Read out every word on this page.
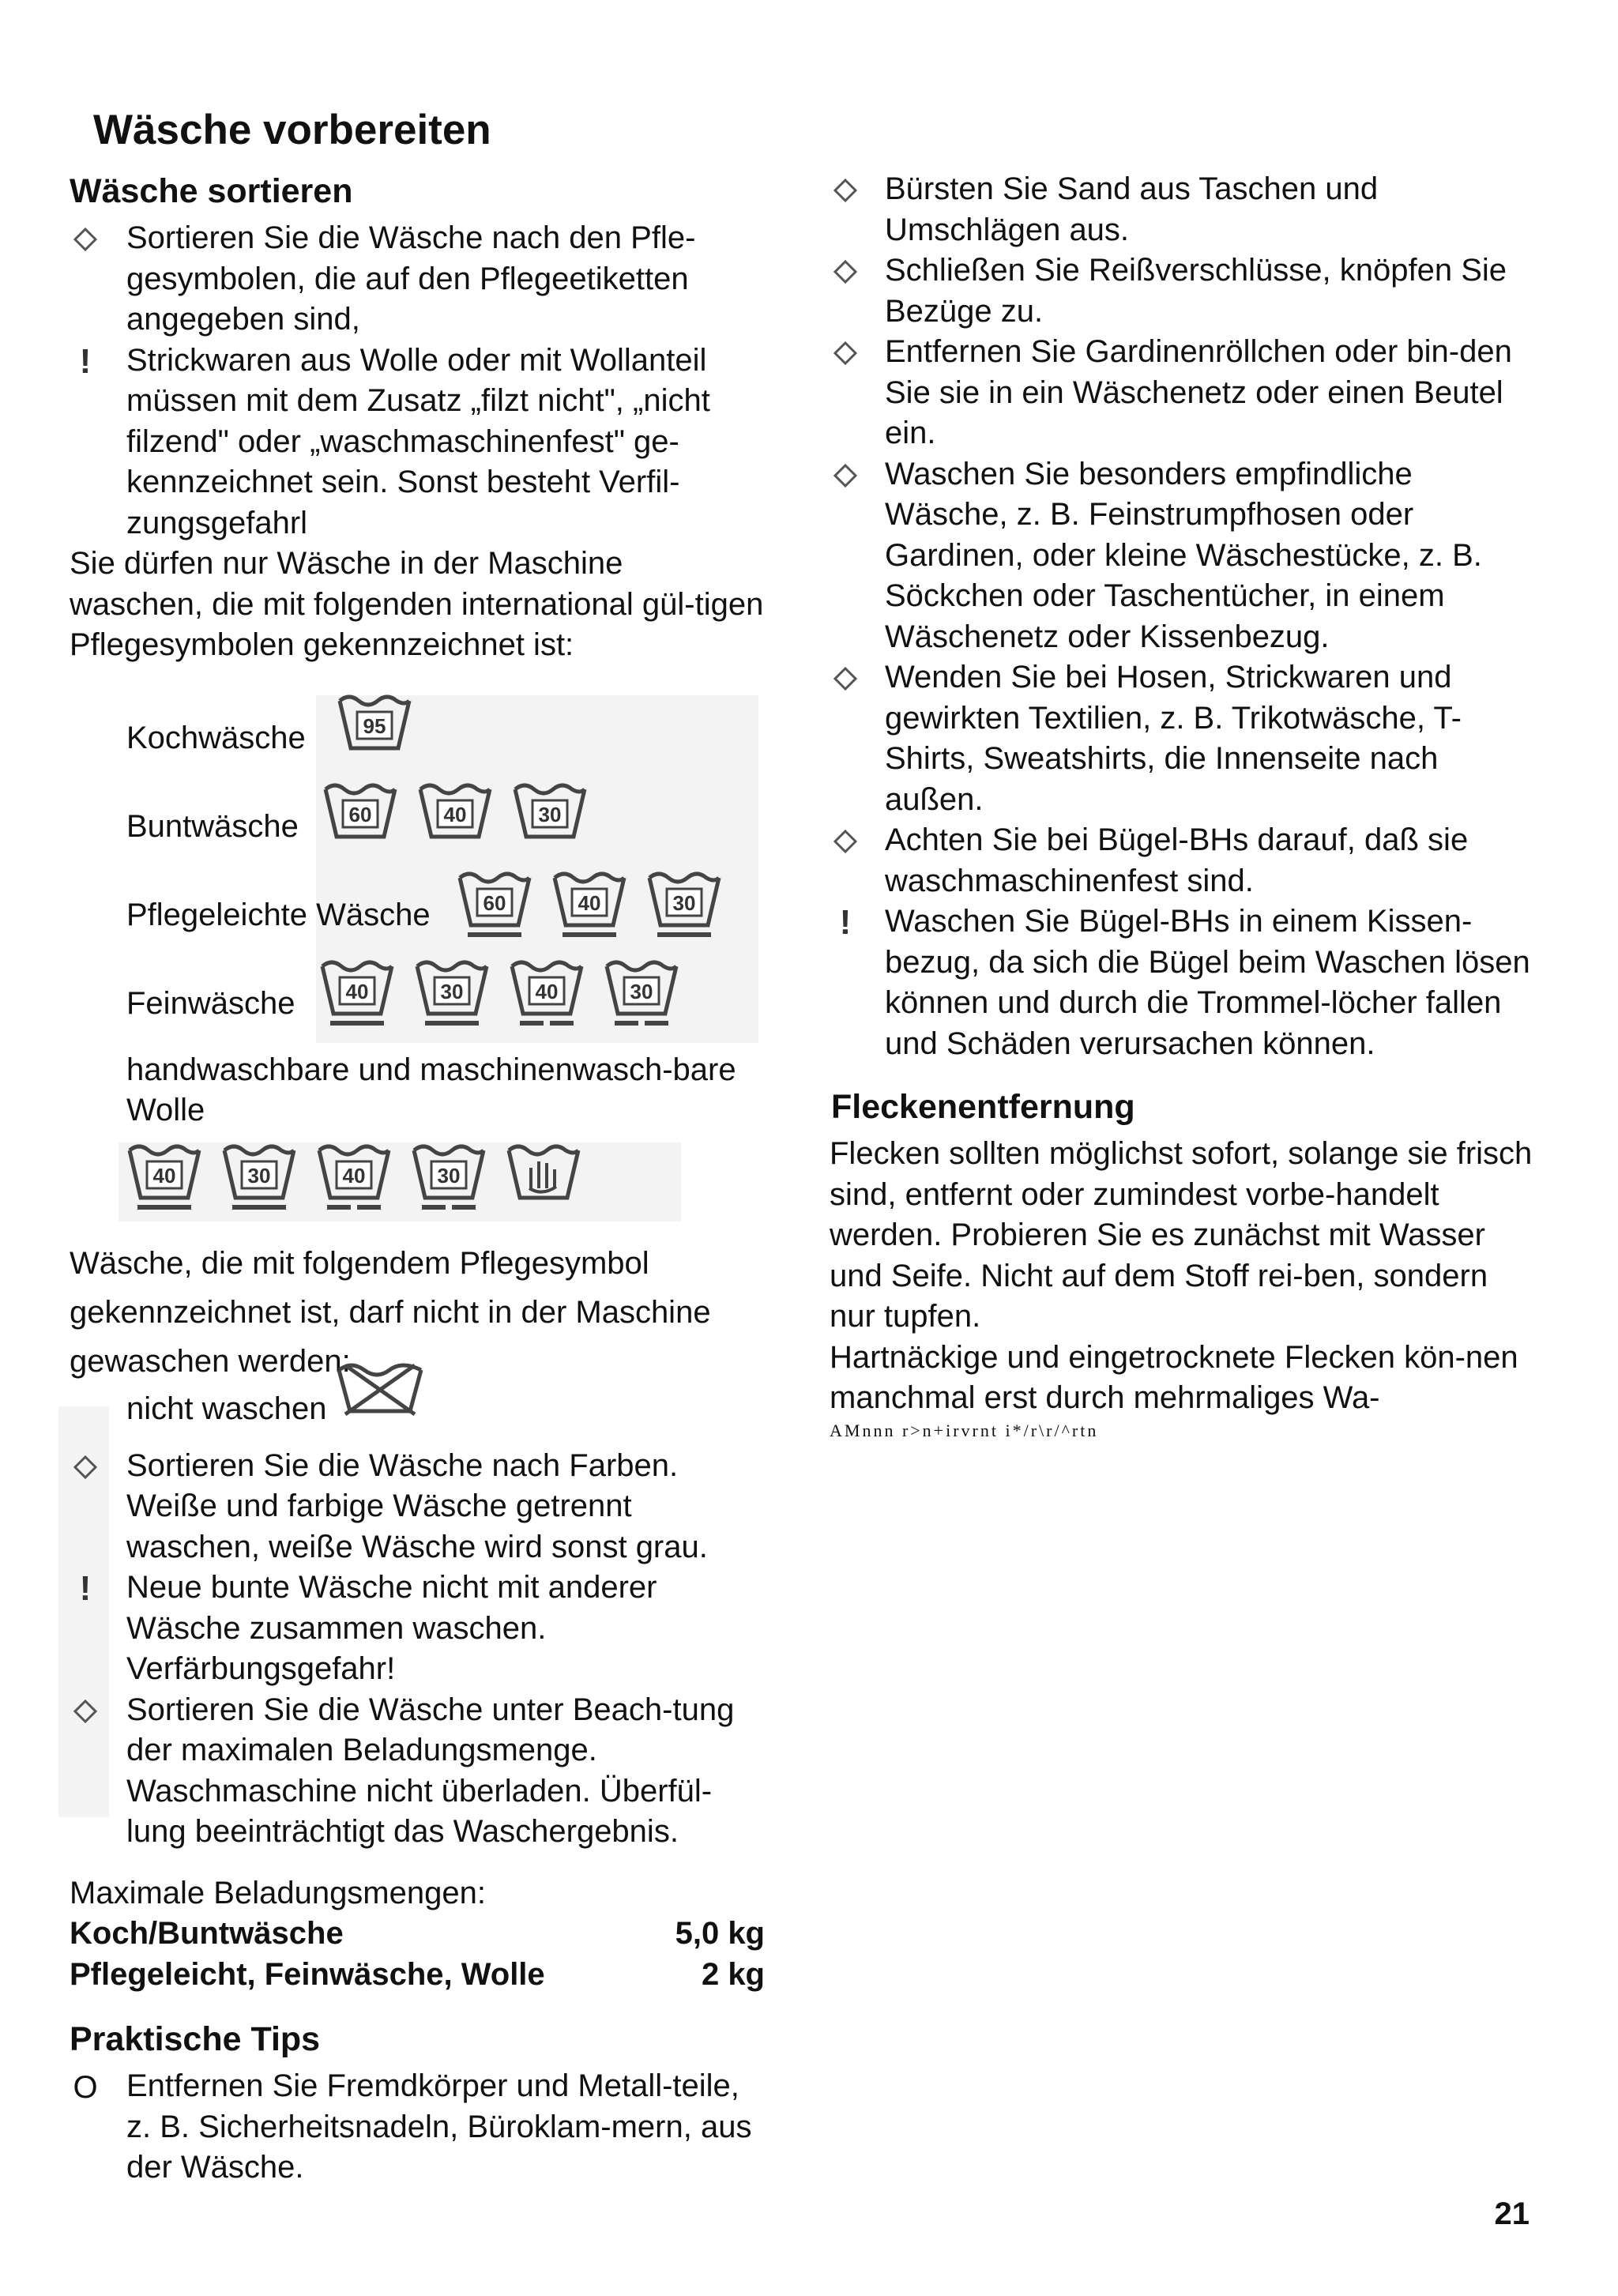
Wäsche vorbereiten
Wäsche sortieren
Sortieren Sie die Wäsche nach den Pfle-gesymbolen, die auf den Pflegeetiketten angegeben sind,
! Strickwaren aus Wolle oder mit Wollanteil müssen mit dem Zusatz „filzt nicht", „nicht filzend" oder „waschmaschinenfest" ge-kennzeichnet sein. Sonst besteht Verfil-zungsgefahrl

Sie dürfen nur Wäsche in der Maschine waschen, die mit folgenden international gül-tigen Pflegesymbolen gekennzeichnet ist:

Kochwäsche	95
Buntwäsche 60	40	30
Pflegeleichte Wäsche	60	40	30
Feinwäsche 40	30	40	30
handwaschbare und maschinenwasch-bare Wolle
40	30	40	30

Wäsche, die mit folgendem Pflegesymbol gekennzeichnet ist, darf nicht in der Maschine gewaschen werden:

nicht waschen
Sortieren Sie die Wäsche nach Farben. Weiße und farbige Wäsche getrennt waschen, weiße Wäsche wird sonst grau.
! Neue bunte Wäsche nicht mit anderer Wäsche zusammen waschen. Verfärbungsgefahr!
Sortieren Sie die Wäsche unter Beach-tung der maximalen Beladungsmenge. Waschmaschine nicht überladen. Überfül-lung beeinträchtigt das Waschergebnis.

Maximale Beladungsmengen:

Koch/Buntwäsche	5,0 kg
Pflegeleicht, Feinwäsche, Wolle	2 kg
Praktische Tips
O Entfernen Sie Fremdkörper und Metall-teile, z. B. Sicherheitsnadeln, Büroklam-mern, aus der Wäsche.
Bürsten Sie Sand aus Taschen und Umschlägen aus.
Schließen Sie Reißverschlüsse, knöpfen Sie Bezüge zu.
Entfernen Sie Gardinenröllchen oder bin-den Sie sie in ein Wäschenetz oder einen Beutel ein.
Waschen Sie besonders empfindliche Wäsche, z. B. Feinstrumpfhosen oder Gardinen, oder kleine Wäschestücke, z. B. Söckchen oder Taschentücher, in einem Wäschenetz oder Kissenbezug.
Wenden Sie bei Hosen, Strickwaren und gewirkten Textilien, z. B. Trikotwäsche, T-Shirts, Sweatshirts, die Innenseite nach außen.
Achten Sie bei Bügel-BHs darauf, daß sie waschmaschinenfest sind.
! Waschen Sie Bügel-BHs in einem Kissen-bezug, da sich die Bügel beim Waschen lösen können und durch die Trommel-löcher fallen und Schäden verursachen können.
Fleckenentfernung

Flecken sollten möglichst sofort, solange sie frisch sind, entfernt oder zumindest vorbe-handelt werden. Probieren Sie es zunächst mit Wasser und Seife. Nicht auf dem Stoff rei-ben, sondern nur tupfen.

Hartnäckige und eingetrocknete Flecken kön-nen manchmal erst durch mehrmaliges Wa-

AMnnn r>n+irvrnt i*/r\r/^rtn

21
